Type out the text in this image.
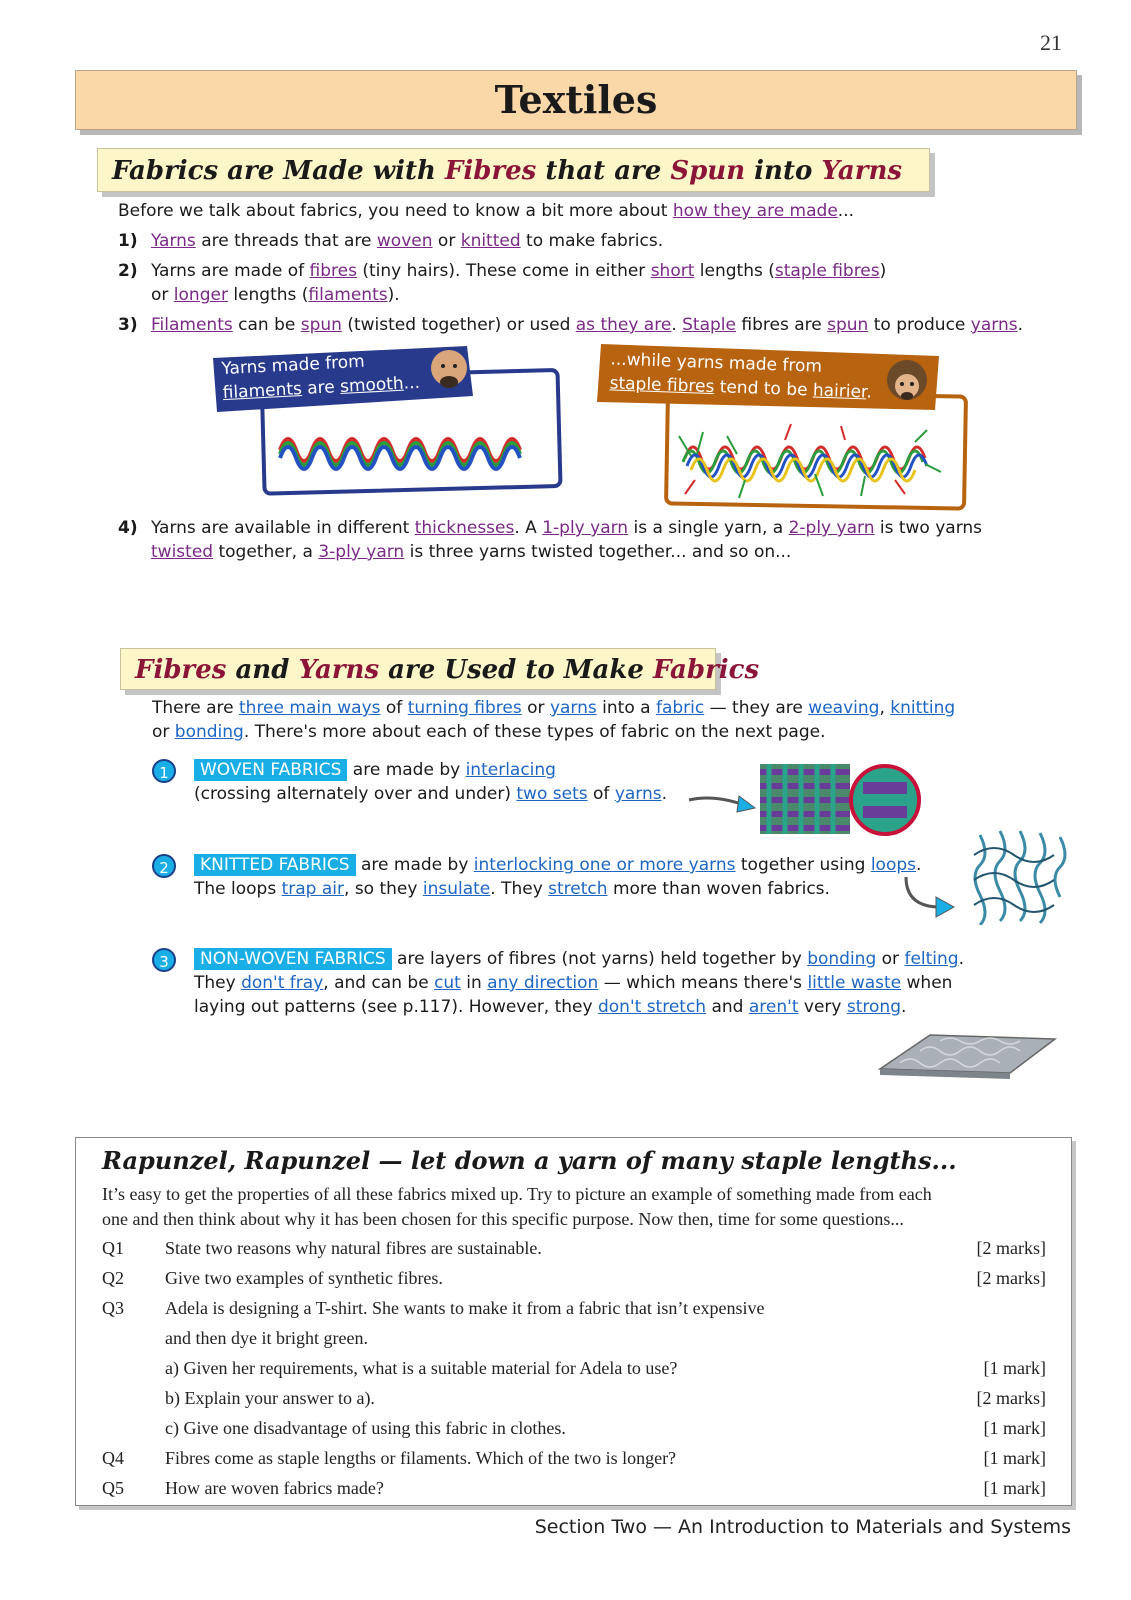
21
Textiles
Fabrics are Made with Fibres that are Spun into Yarns
Before we talk about fabrics, you need to know a bit more about how they are made...
1) Yarns are threads that are woven or knitted to make fabrics.
2) Yarns are made of fibres (tiny hairs). These come in either short lengths (staple fibres)
or longer lengths (filaments).
3) Filaments can be spun (twisted together) or used as they are. Staple fibres are spun to produce yarns.
Yarns made from
filaments are smooth...
...while yarns made from
staple fibres tend to be hairier.
4) Yarns are available in different thicknesses. A 1-ply yarn is a single yarn, a 2-ply yarn is two yarns
twisted together, a 3-ply yarn is three yarns twisted together... and so on...
Fibres and Yarns are Used to Make Fabrics
There are three main ways of turning fibres or yarns into a fabric — they are weaving, knitting
or bonding. There's more about each of these types of fabric on the next page.
1	WOVEN FABRICS are made by interlacing
(crossing alternately over and under) two sets of yarns.
2	KNITTED FABRICS are made by interlocking one or more yarns together using loops.
The loops trap air, so they insulate. They stretch more than woven fabrics.
3	NON-WOVEN FABRICS are layers of fibres (not yarns) held together by bonding or felting.
They don't fray, and can be cut in any direction — which means there's little waste when
laying out patterns (see p.117). However, they don't stretch and aren't very strong.
Rapunzel, Rapunzel — let down a yarn of many staple lengths...
It’s easy to get the properties of all these fabrics mixed up. Try to picture an example of something made from each
one and then think about why it has been chosen for this specific purpose. Now then, time for some questions...
Q1 State two reasons why natural fibres are sustainable.	[2 marks]
Q2 Give two examples of synthetic fibres.	[2 marks]
Q3 Adela is designing a T-shirt. She wants to make it from a fabric that isn’t expensive
and then dye it bright green.
a) Given her requirements, what is a suitable material for Adela to use?	[1 mark]
b) Explain your answer to a).	[2 marks]
c) Give one disadvantage of using this fabric in clothes.	[1 mark]
Q4 Fibres come as staple lengths or filaments. Which of the two is longer?	[1 mark]
Q5 How are woven fabrics made?	[1 mark]
Section Two — An Introduction to Materials and Systems
